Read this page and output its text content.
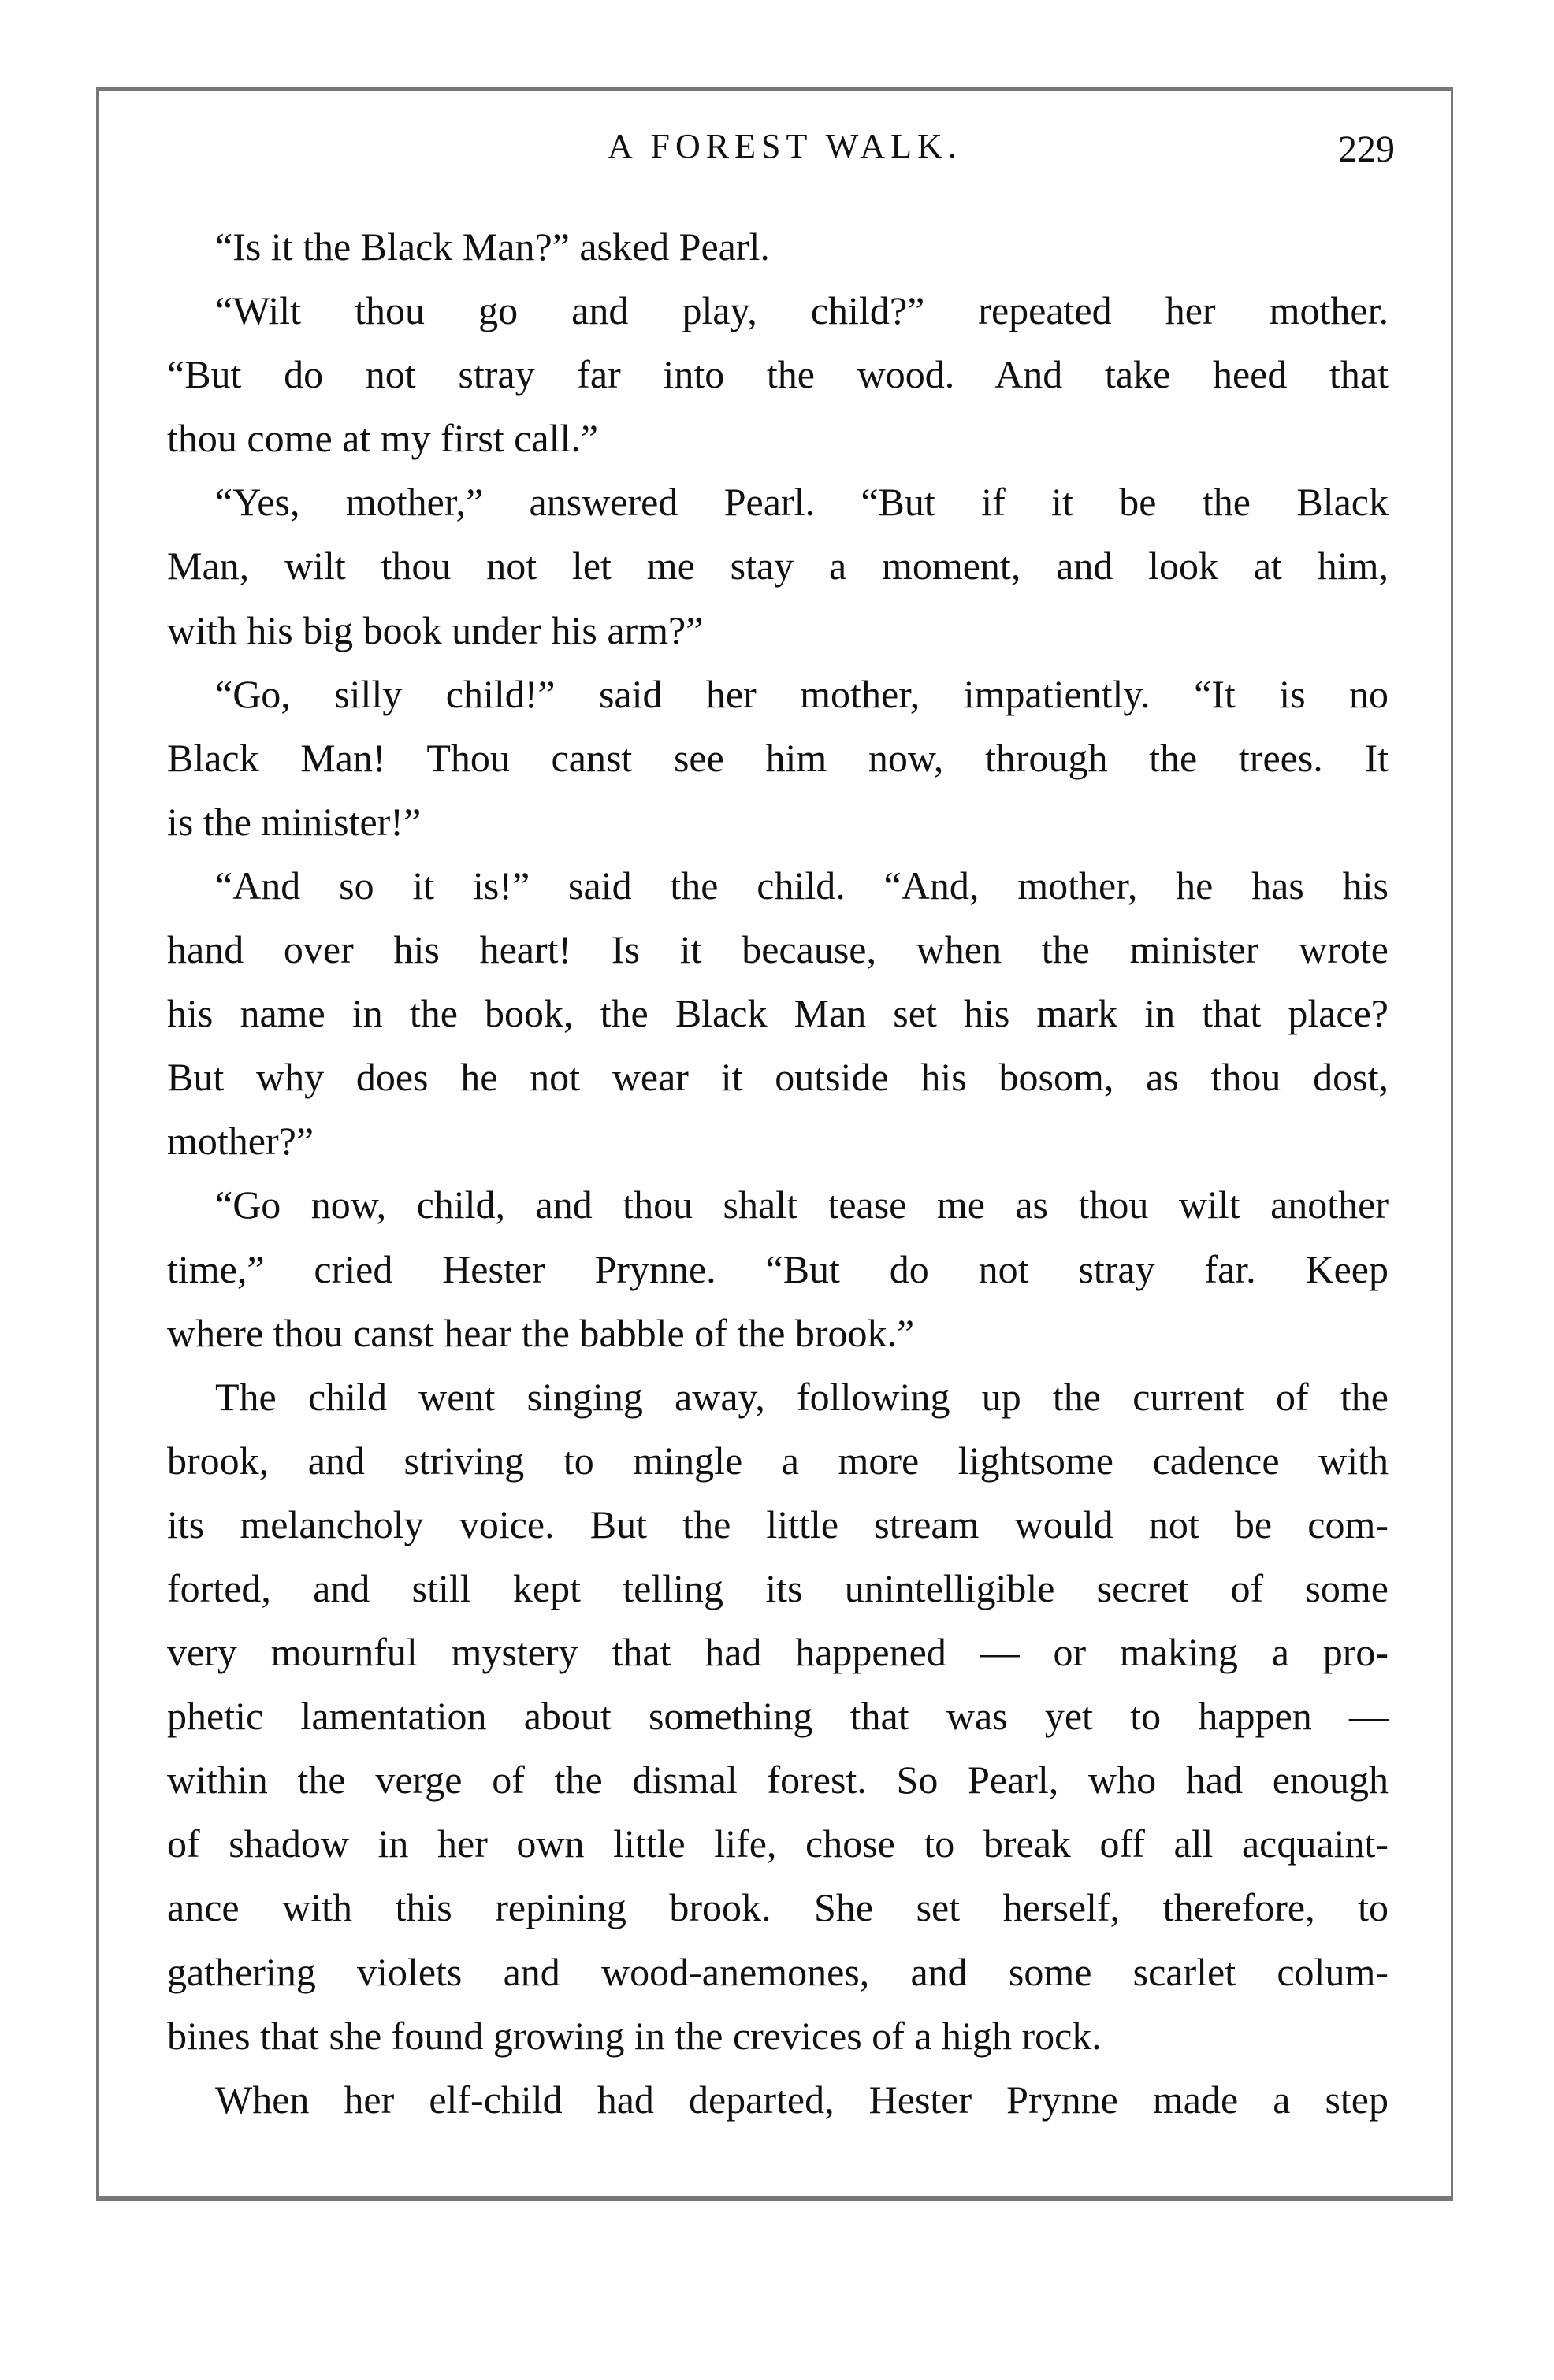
A FOREST WALK.	229
“Is it the Black Man?” asked Pearl.
“Wilt thou go and play, child?” repeated her mother.
“But do not stray far into the wood. And take heed that
thou come at my first call.”
“Yes, mother,” answered Pearl. “But if it be the Black
Man, wilt thou not let me stay a moment, and look at him,
with his big book under his arm?”
“Go, silly child!” said her mother, impatiently. “It is no
Black Man! Thou canst see him now, through the trees. It
is the minister!”
“And so it is!” said the child. “And, mother, he has his
hand over his heart! Is it because, when the minister wrote
his name in the book, the Black Man set his mark in that place?
But why does he not wear it outside his bosom, as thou dost,
mother?”
“Go now, child, and thou shalt tease me as thou wilt another
time,” cried Hester Prynne. “But do not stray far. Keep
where thou canst hear the babble of the brook.”
The child went singing away, following up the current of the
brook, and striving to mingle a more lightsome cadence with
its melancholy voice. But the little stream would not be com-
forted, and still kept telling its unintelligible secret of some
very mournful mystery that had happened — or making a pro-
phetic lamentation about something that was yet to happen —
within the verge of the dismal forest. So Pearl, who had enough
of shadow in her own little life, chose to break off all acquaint-
ance with this repining brook. She set herself, therefore, to
gathering violets and wood-anemones, and some scarlet colum-
bines that she found growing in the crevices of a high rock.
When her elf-child had departed, Hester Prynne made a step
